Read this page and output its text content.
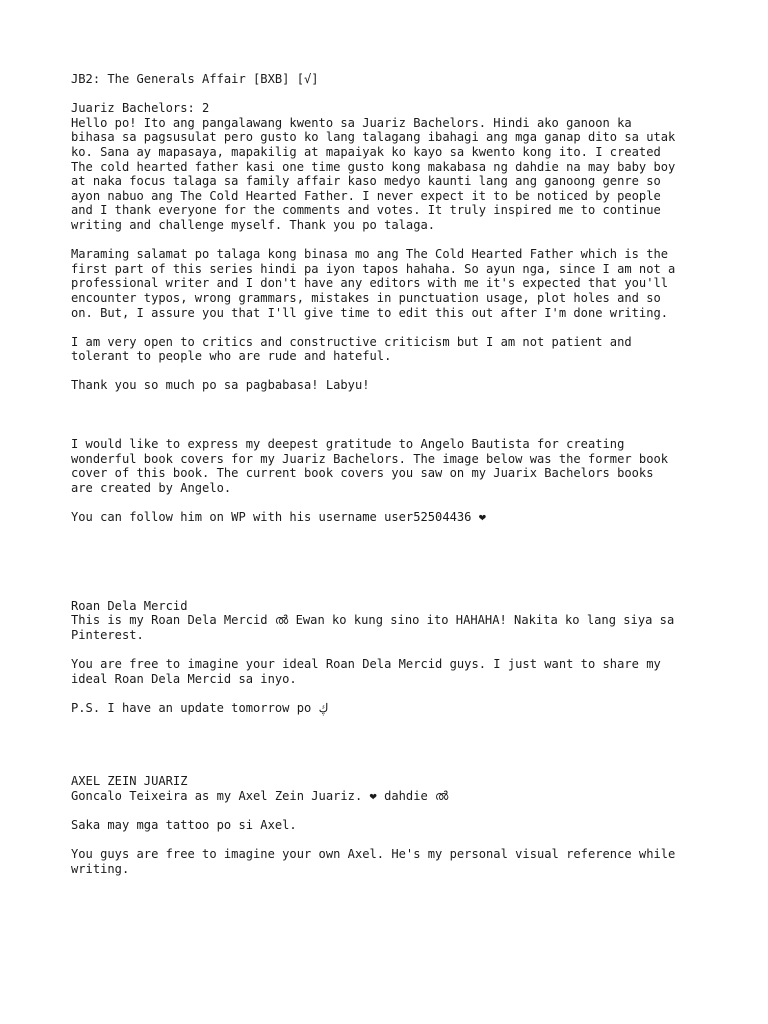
JB2: The Generals Affair [BXB] [√]

Juariz Bachelors: 2

Hello po! Ito ang pangalawang kwento sa Juariz Bachelors. Hindi ako ganoon ka
bihasa sa pagsusulat pero gusto ko lang talagang ibahagi ang mga ganap dito sa utak
ko. Sana ay mapasaya, mapakilig at mapaiyak ko kayo sa kwento kong ito. I created
The cold hearted father kasi one time gusto kong makabasa ng dahdie na may baby boy
at naka focus talaga sa family affair kaso medyo kaunti lang ang ganoong genre so
ayon nabuo ang The Cold Hearted Father. I never expect it to be noticed by people
and I thank everyone for the comments and votes. It truly inspired me to continue
writing and challenge myself. Thank you po talaga.

Maraming salamat po talaga kong binasa mo ang The Cold Hearted Father which is the
first part of this series hindi pa iyon tapos hahaha. So ayun nga, since I am not a
professional writer and I don't have any editors with me it's expected that you'll
encounter typos, wrong grammars, mistakes in punctuation usage, plot holes and so
on. But, I assure you that I'll give time to edit this out after I'm done writing.

I am very open to critics and constructive criticism but I am not patient and
tolerant to people who are rude and hateful.

Thank you so much po sa pagbabasa! Labyu!

I would like to express my deepest gratitude to Angelo Bautista for creating
wonderful book covers for my Juariz Bachelors. The image below was the former book
cover of this book. The current book covers you saw on my Juarix Bachelors books
are created by Angelo.

You can follow him on WP with his username user52504436 ❤

Roan Dela Mercid

This is my Roan Dela Mercid ൽ Ewan ko kung sino ito HAHAHA! Nakita ko lang siya sa
Pinterest.

You are free to imagine your ideal Roan Dela Mercid guys. I just want to share my
ideal Roan Dela Mercid sa inyo.

P.S. I have an update tomorrow po ڮ

AXEL ZEIN JUARIZ

Goncalo Teixeira as my Axel Zein Juariz. ❤ dahdie ൽ

Saka may mga tattoo po si Axel.

You guys are free to imagine your own Axel. He's my personal visual reference while
writing.
